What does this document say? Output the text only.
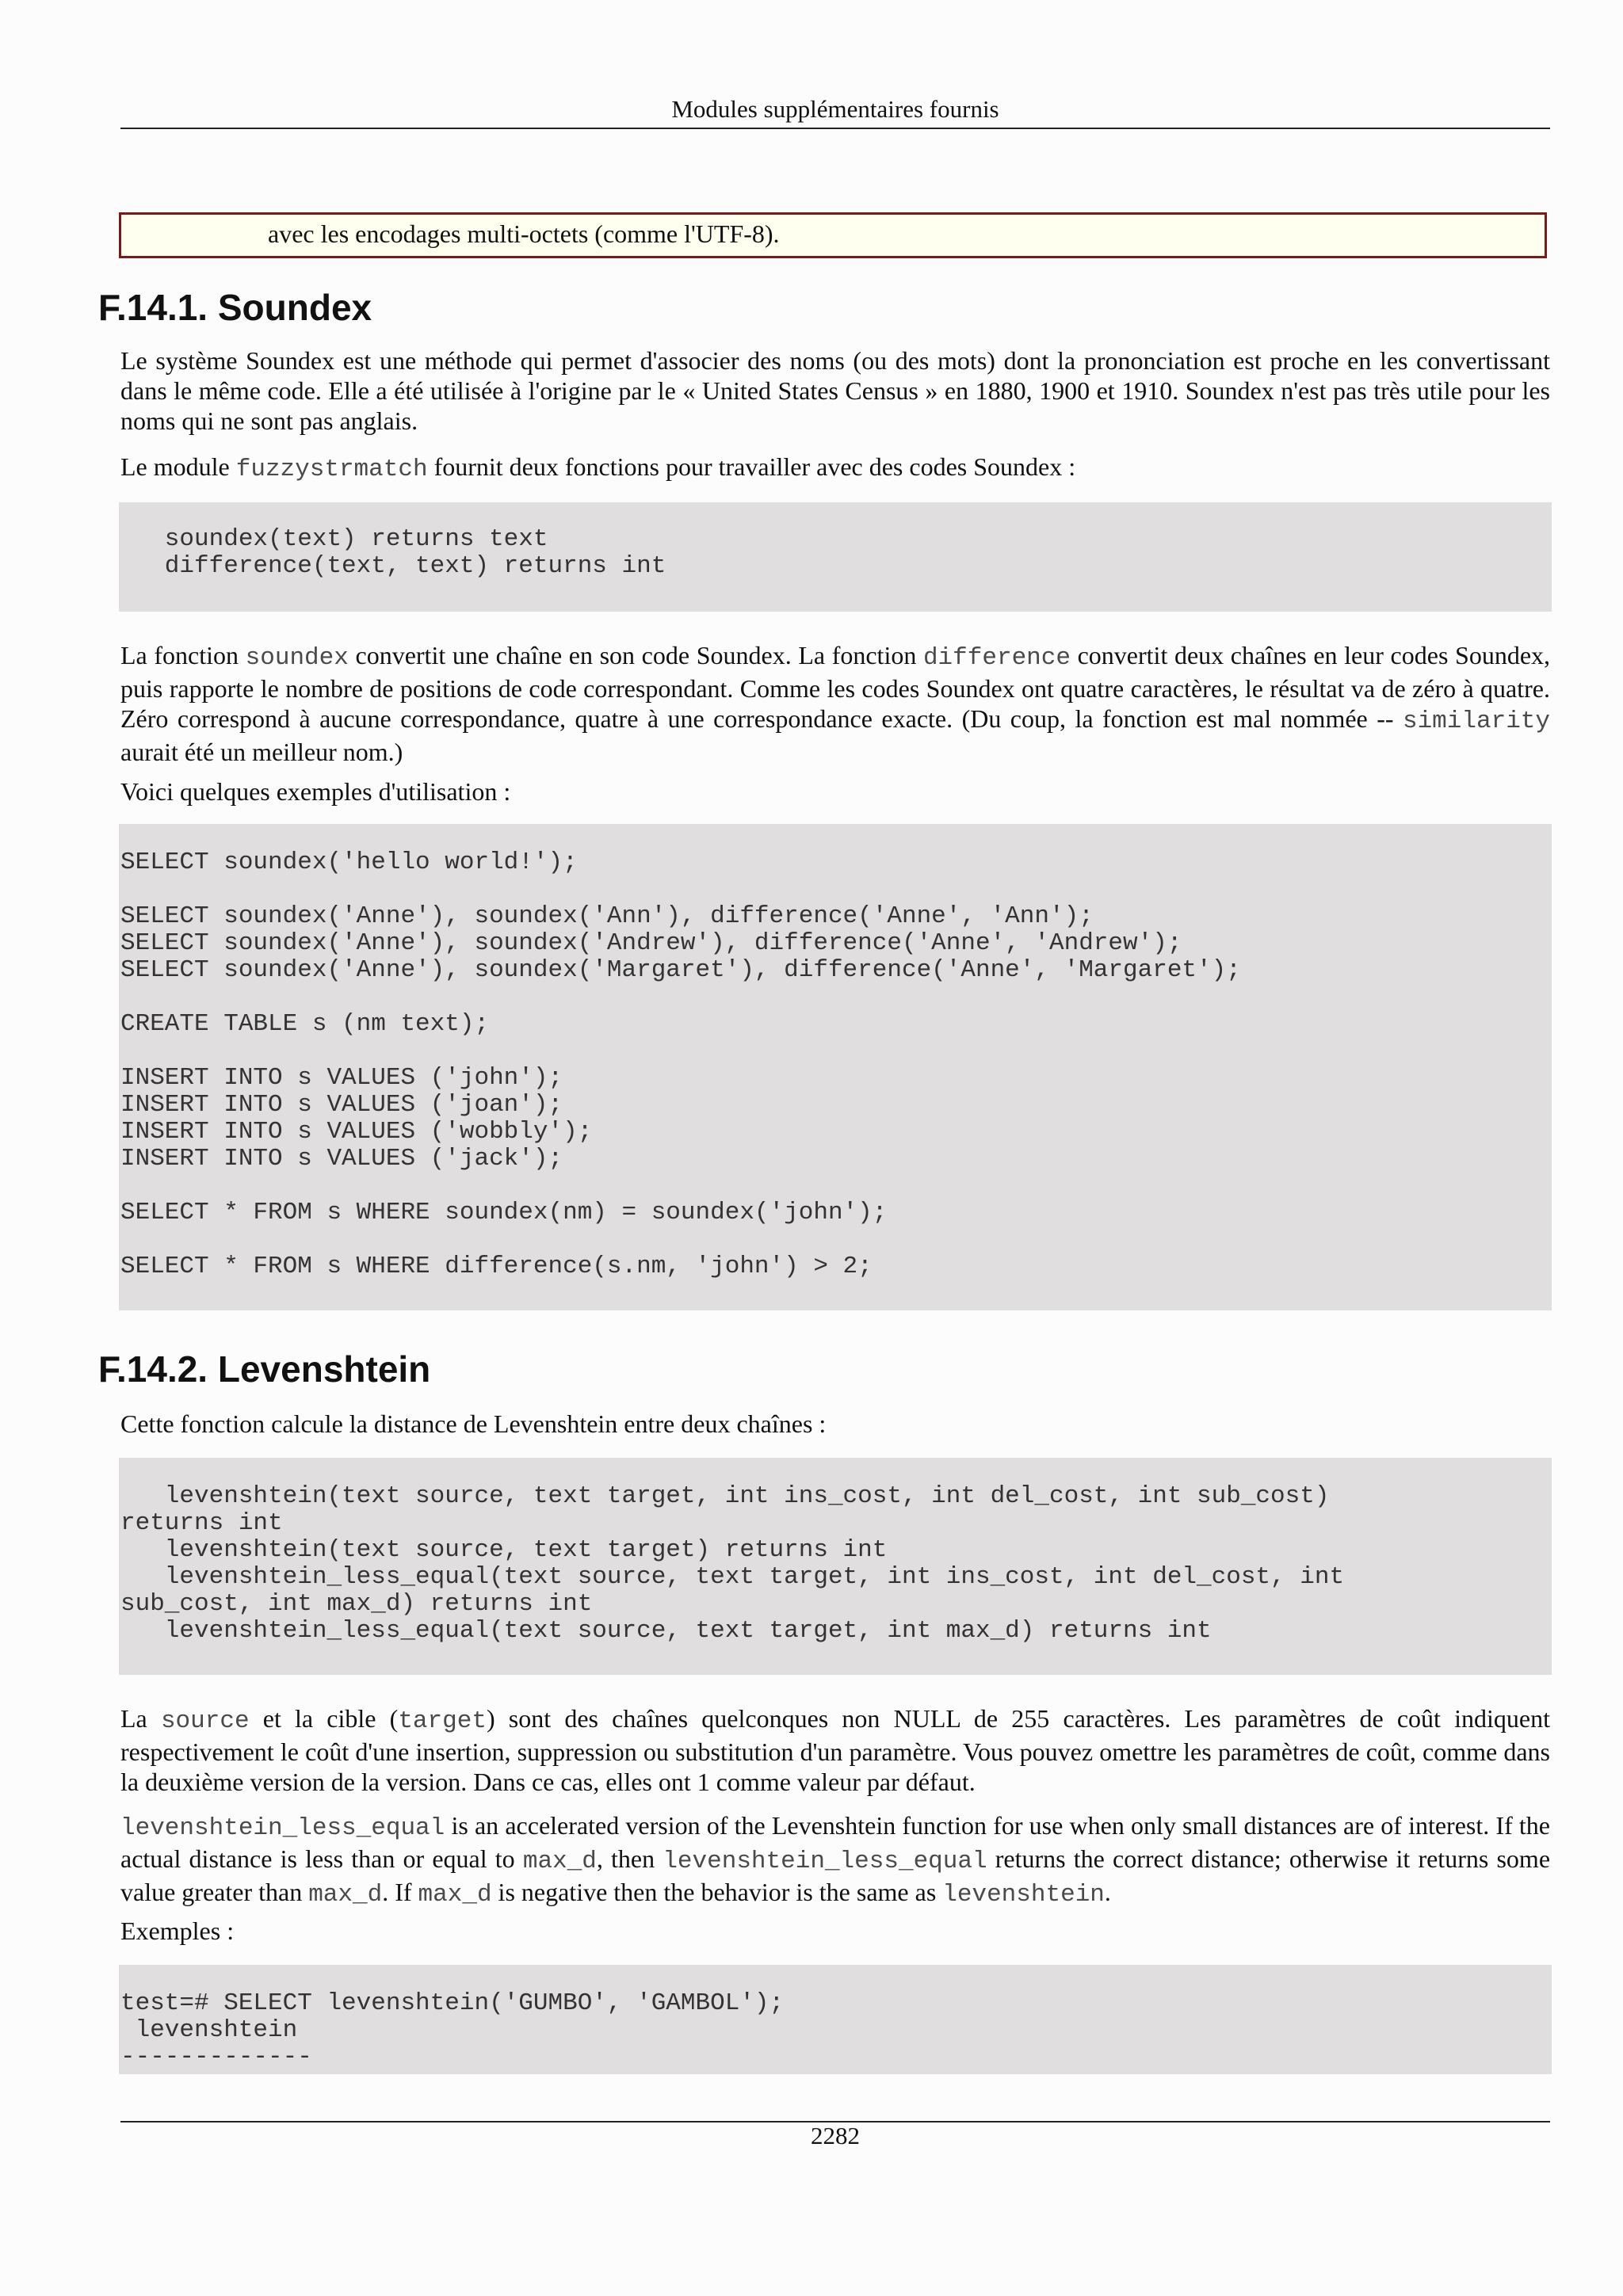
Modules supplémentaires fournis
avec les encodages multi-octets (comme l'UTF-8).
F.14.1. Soundex

Le système Soundex est une méthode qui permet d'associer des noms (ou des mots) dont la prononciation est proche en les convertissant dans le même code. Elle a été utilisée à l'origine par le « United States Census » en 1880, 1900 et 1910. Soundex n'est pas très utile pour les noms qui ne sont pas anglais.

Le module fuzzystrmatch fournit deux fonctions pour travailler avec des codes Soundex :

soundex(text) returns text
difference(text, text) returns int

La fonction soundex convertit une chaîne en son code Soundex. La fonction difference convertit deux chaînes en leur codes Soundex, puis rapporte le nombre de positions de code correspondant. Comme les codes Soundex ont quatre caractères, le résultat va de zéro à quatre. Zéro correspond à aucune correspondance, quatre à une correspondance exacte. (Du coup, la fonction est mal nommée -- similarity aurait été un meilleur nom.)

Voici quelques exemples d'utilisation :

SELECT soundex('hello world!');

SELECT soundex('Anne'), soundex('Ann'), difference('Anne', 'Ann');
SELECT soundex('Anne'), soundex('Andrew'), difference('Anne', 'Andrew');
SELECT soundex('Anne'), soundex('Margaret'), difference('Anne', 'Margaret');

CREATE TABLE s (nm text);

INSERT INTO s VALUES ('john');
INSERT INTO s VALUES ('joan');
INSERT INTO s VALUES ('wobbly');
INSERT INTO s VALUES ('jack');

SELECT * FROM s WHERE soundex(nm) = soundex('john');

SELECT * FROM s WHERE difference(s.nm, 'john') > 2;
F.14.2. Levenshtein

Cette fonction calcule la distance de Levenshtein entre deux chaînes :

levenshtein(text source, text target, int ins_cost, int del_cost, int sub_cost)
returns int
levenshtein(text source, text target) returns int
levenshtein_less_equal(text source, text target, int ins_cost, int del_cost, int
sub_cost, int max_d) returns int
levenshtein_less_equal(text source, text target, int max_d) returns int

La source et la cible (target) sont des chaînes quelconques non NULL de 255 caractères. Les paramètres de coût indiquent respectivement le coût d'une insertion, suppression ou substitution d'un paramètre. Vous pouvez omettre les paramètres de coût, comme dans la deuxième version de la version. Dans ce cas, elles ont 1 comme valeur par défaut.

levenshtein_less_equal is an accelerated version of the Levenshtein function for use when only small distances are of interest. If the actual distance is less than or equal to max_d, then levenshtein_less_equal returns the correct distance; otherwise it returns some value greater than max_d. If max_d is negative then the behavior is the same as levenshtein.

Exemples :

test=# SELECT levenshtein('GUMBO', 'GAMBOL');
levenshtein
-------------
2282
